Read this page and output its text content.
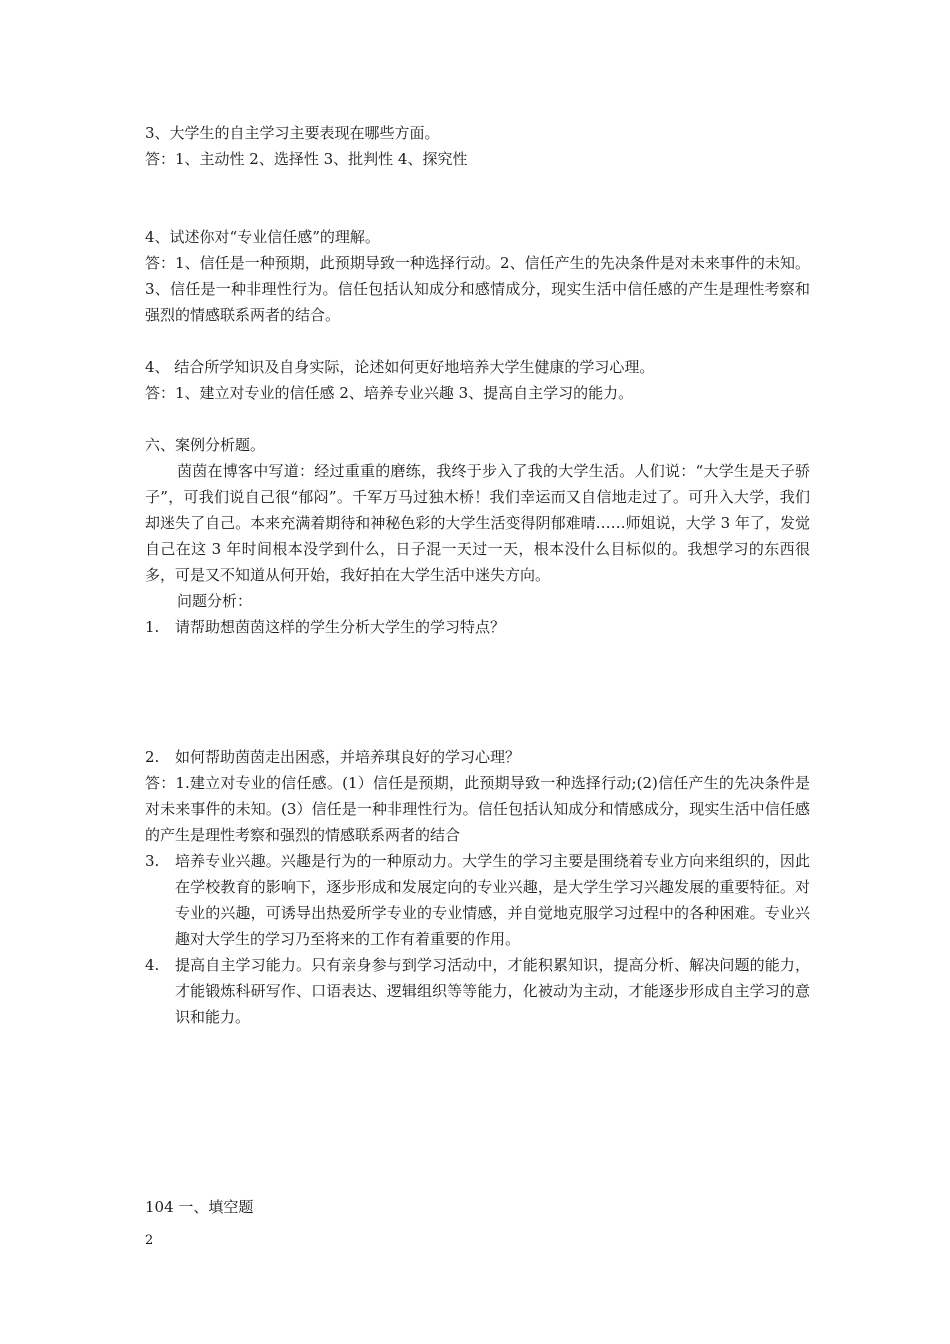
3、大学生的自主学习主要表现在哪些方面。
答：1、主动性 2、选择性 3、批判性 4、探究性
4、试述你对“专业信任感”的理解。
答：1、信任是一种预期，此预期导致一种选择行动。2、信任产生的先决条件是对未来事件的未知。3、信任是一种非理性行为。信任包括认知成分和感情成分，现实生活中信任感的产生是理性考察和强烈的情感联系两者的结合。
4、 结合所学知识及自身实际，论述如何更好地培养大学生健康的学习心理。
答：1、建立对专业的信任感 2、培养专业兴趣 3、提高自主学习的能力。
六、案例分析题。
茵茵在博客中写道：经过重重的磨练，我终于步入了我的大学生活。人们说：“大学生是天子骄子”，可我们说自己很“郁闷”。千军万马过独木桥！我们幸运而又自信地走过了。可升入大学，我们却迷失了自己。本来充满着期待和神秘色彩的大学生活变得阴郁难晴……师姐说，大学 3 年了，发觉自己在这 3 年时间根本没学到什么，日子混一天过一天，根本没什么目标似的。我想学习的东西很多，可是又不知道从何开始，我好拍在大学生活中迷失方向。
问题分析：
1. 请帮助想茵茵这样的学生分析大学生的学习特点？
2. 如何帮助茵茵走出困惑，并培养琪良好的学习心理？
答：1.建立对专业的信任感。(1）信任是预期，此预期导致一种选择行动;(2)信任产生的先决条件是对未来事件的未知。(3）信任是一种非理性行为。信任包括认知成分和情感成分，现实生活中信任感的产生是理性考察和强烈的情感联系两者的结合
3. 培养专业兴趣。兴趣是行为的一种原动力。大学生的学习主要是围绕着专业方向来组织的，因此在学校教育的影响下，逐步形成和发展定向的专业兴趣，是大学生学习兴趣发展的重要特征。对专业的兴趣，可诱导出热爱所学专业的专业情感，并自觉地克服学习过程中的各种困难。专业兴趣对大学生的学习乃至将来的工作有着重要的作用。
4. 提高自主学习能力。只有亲身参与到学习活动中，才能积累知识，提高分析、解决问题的能力，才能锻炼科研写作、口语表达、逻辑组织等等能力，化被动为主动，才能逐步形成自主学习的意识和能力。
104 一、填空题
2
